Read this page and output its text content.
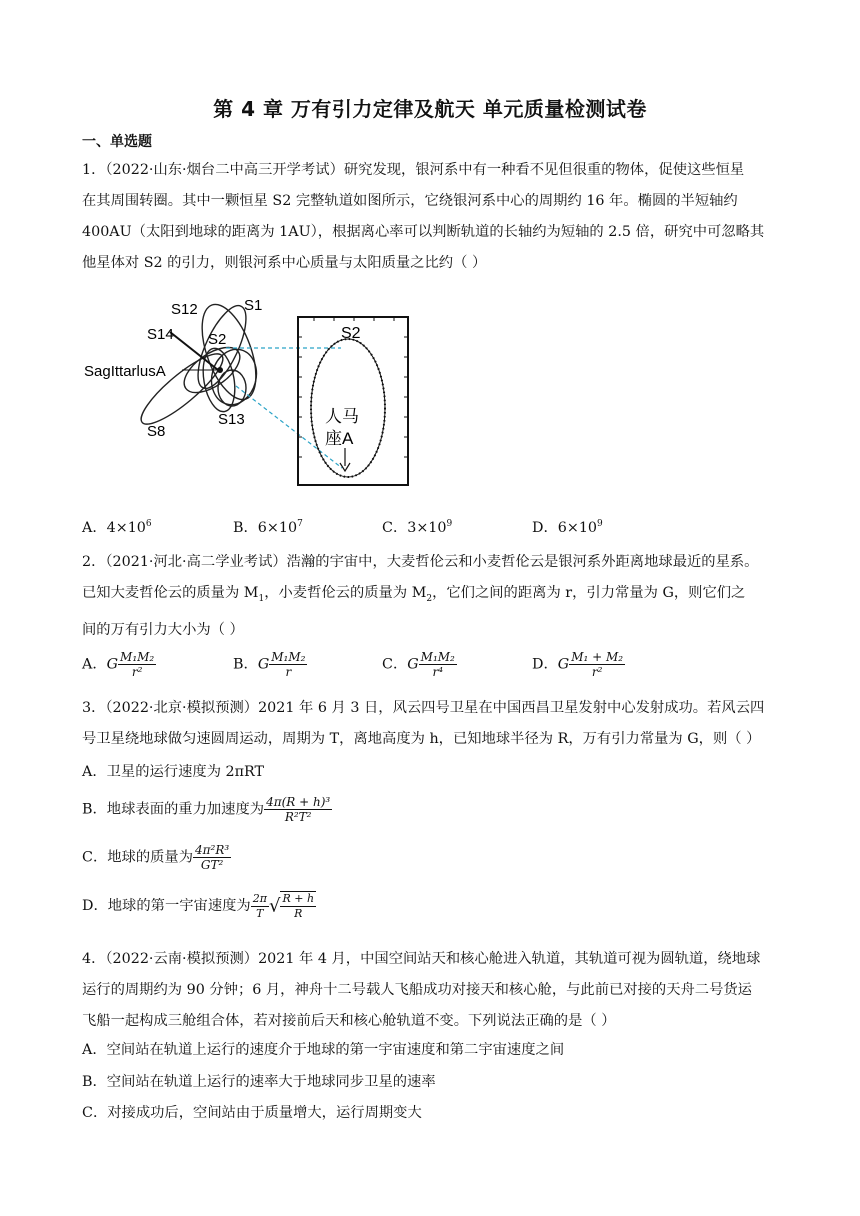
第 4 章 万有引力定律及航天 单元质量检测试卷
一、单选题
1．（2022·山东·烟台二中高三开学考试）研究发现，银河系中有一种看不见但很重的物体，促使这些恒星
在其周围转圈。其中一颗恒星 S2 完整轨道如图所示，它绕银河系中心的周期约 16 年。椭圆的半短轴约
400AU（太阳到地球的距离为 1AU），根据离心率可以判断轨道的长轴约为短轴的 2.5 倍，研究中可忽略其
他星体对 S2 的引力，则银河系中心质量与太阳质量之比约（ ）
S12	S1
S14 S2
SagIttarlusA
S8
S13
S2
人马
座A
A．$4\times 10^6$	B．$6\times 10^7$	C．$3\times 10^9$	D．$6\times 10^9$
2．（2021·河北·高二学业考试）浩瀚的宇宙中，大麦哲伦云和小麦哲伦云是银河系外距离地球最近的星系。
已知大麦哲伦云的质量为 $M_1$，小麦哲伦云的质量为 $M_2$，它们之间的距离为 r，引力常量为 G，则它们之
间的万有引力大小为（ ）
A．G $\frac{\text{M₁M₂}}{\text{r²}}$	B．G $\frac{\text{M₁M₂}}{r}$	C．G $\frac{\text{M₁M₂}}{\text{r⁴}}$	D．G $\frac{\text{M₁ + M₂}}{\text{r²}}$
3．（2022·北京·模拟预测）2021 年 6 月 3 日，风云四号卫星在中国西昌卫星发射中心发射成功。若风云四
号卫星绕地球做匀速圆周运动，周期为 T，离地高度为 h，已知地球半径为 R，万有引力常量为 G，则（ ）
A．卫星的运行速度为 2πRT
B．地球表面的重力加速度为 $\frac{\text{4π(R + h)³}}{\text{R²T²}}$
C．地球的质量为 $\frac{\text{4π²R³}}{\text{GT²}}$
D．地球的第一宇宙速度为 $\frac{2\pi}{T}$ √ $\frac{R + h}{R}$
4．（2022·云南·模拟预测）2021 年 4 月，中国空间站天和核心舱进入轨道，其轨道可视为圆轨道，绕地球
运行的周期约为 90 分钟；6 月，神舟十二号载人飞船成功对接天和核心舱，与此前已对接的天舟二号货运
飞船一起构成三舱组合体，若对接前后天和核心舱轨道不变。下列说法正确的是（ ）
A．空间站在轨道上运行的速度介于地球的第一宇宙速度和第二宇宙速度之间
B．空间站在轨道上运行的速率大于地球同步卫星的速率
C．对接成功后，空间站由于质量增大，运行周期变大
